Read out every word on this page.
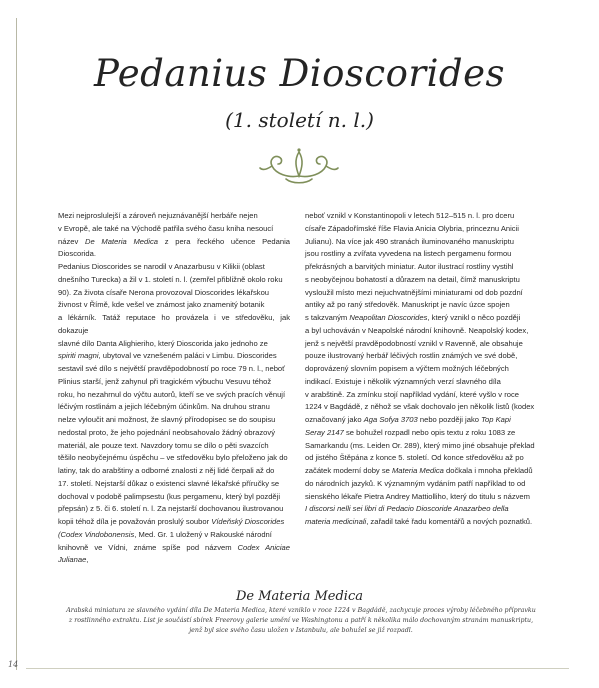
Pedanius Dioscorides
(1. století n. l.)

Mezi nejproslulejší a zároveň nejuznávanější herbáře nejen
v Evropě, ale také na Východě patřila svého času kniha nesoucí
název De Materia Medica z pera řeckého učence Pedania Dioscorida.
Pedanius Dioscorides se narodil v Anazarbusu v Kilikii (oblast
dnešního Turecka) a žil v 1. století n. l. (zemřel přibližně okolo roku
90). Za života císaře Nerona provozoval Dioscorides lékařskou
živnost v Římě, kde vešel ve známost jako znamenitý botanik
a lékárník. Tatáž reputace ho provázela i ve středověku, jak dokazuje
slavné dílo Danta Alighieriho, který Dioscorida jako jednoho ze
spiriti magni, ubytoval ve vznešeném paláci v Limbu. Dioscorides
sestavil své dílo s největší pravděpodobností po roce 79 n. l., neboť
Plinius starší, jenž zahynul při tragickém výbuchu Vesuvu téhož
roku, ho nezahrnul do výčtu autorů, kteří se ve svých pracích věnují
léčivým rostlinám a jejich léčebným účinkům. Na druhou stranu
nelze vyloučit ani možnost, že slavný přírodopisec se do soupisu
nedostal proto, že jeho pojednání neobsahovalo žádný obrazový
materiál, ale pouze text. Navzdory tomu se dílo o pěti svazcích
těšilo neobyčejnému úspěchu – ve středověku bylo přeloženo jak do
latiny, tak do arabštiny a odborné znalosti z něj lidé čerpali až do
17. století. Nejstarší důkaz o existenci slavné lékařské příručky se
dochoval v podobě palimpsestu (kus pergamenu, který byl později
přepsán) z 5. či 6. století n. l. Za nejstarší dochovanou ilustrovanou
kopii téhož díla je považován proslulý soubor Vídeňský Dioscorides
(Codex Vindobonensis, Med. Gr. 1 uložený v Rakouské národní
knihovně ve Vídni, známe spíše pod názvem Codex Aniciae Julianae,

neboť vznikl v Konstantinopoli v letech 512–515 n. l. pro dceru
císaře Západořímské říše Flavia Anicia Olybria, princeznu Anicii
Julianu). Na více jak 490 stranách iluminovaného manuskriptu
jsou rostliny a zvířata vyvedena na listech pergamenu formou
překrásných a barvitých miniatur. Autor ilustrací rostliny vystihl
s neobyčejnou bohatostí a důrazem na detail, čímž manuskriptu
vysloužil místo mezi nejuchvatnějšími miniaturami od dob pozdní
antiky až po raný středověk. Manuskript je navíc úzce spojen
s takzvaným Neapolitan Dioscorides, který vznikl o něco později
a byl uchováván v Neapolské národní knihovně. Neapolský kodex,
jenž s největší pravděpodobností vznikl v Ravenně, ale obsahuje
pouze ilustrovaný herbář léčivých rostlin známých ve své době,
doprovázený slovním popisem a výčtem možných léčebných
indikací. Existuje i několik významných verzí slavného díla
v arabštině. Za zmínku stojí například vydání, které vyšlo v roce
1224 v Bagdádě, z něhož se však dochovalo jen několik listů (kodex
označovaný jako Aga Sofya 3703 nebo později jako Top Kapi
Seray 2147 se bohužel rozpadl nebo opis textu z roku 1083 ze
Samarkandu (ms. Leiden Or. 289), který mimo jiné obsahuje překlad
od jistého Štěpána z konce 5. století. Od konce středověku až po
začátek moderní doby se Materia Medica dočkala i mnoha překladů
do národních jazyků. K významným vydáním patří například to od
sienského lékaře Pietra Andrey Mattiolliho, který do titulu s názvem
I discorsi nelli sei libri di Pedacio Dioscoride Anazarbeo della
materia medicinali, zařadil také řadu komentářů a nových poznatků.

De Materia Medica
Arabská miniatura ze slavného vydání díla De Materia Medica, které vzniklo v roce 1224 v Bagdádě, zachycuje proces výroby léčebného přípravku z rostlinného extraktu. List je součástí sbírek Freerovy galerie umění ve Washingtonu a patří k několika málo dochovaným stranám manuskriptu, jenž byl sice svého času uložen v Istanbulu, ale bohužel se již rozpadl.
14
